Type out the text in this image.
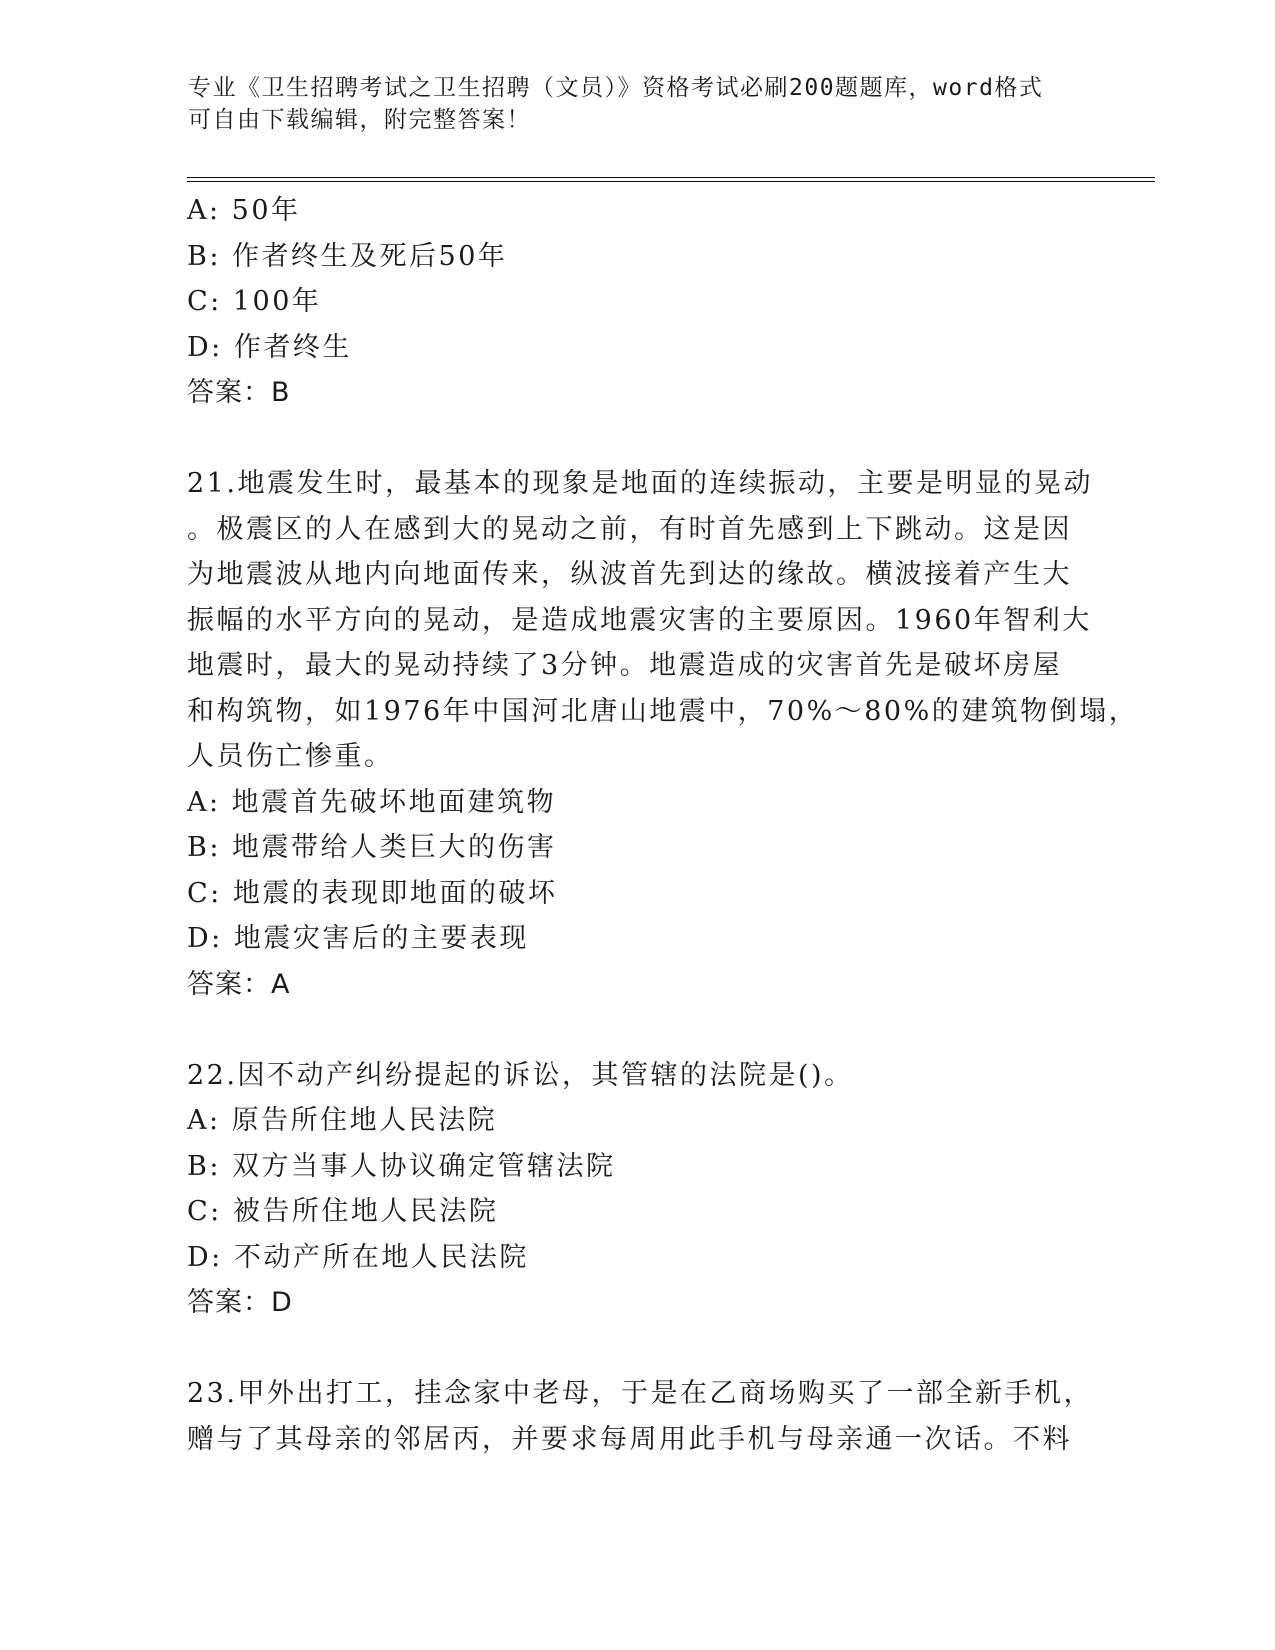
专业《卫生招聘考试之卫生招聘（文员）》资格考试必刷200题题库，word格式
可自由下载编辑，附完整答案！
A: 50年
B: 作者终生及死后50年
C: 100年
D: 作者终生
答案：B
21.地震发生时，最基本的现象是地面的连续振动，主要是明显的晃动
。极震区的人在感到大的晃动之前，有时首先感到上下跳动。这是因
为地震波从地内向地面传来，纵波首先到达的缘故。横波接着产生大
振幅的水平方向的晃动，是造成地震灾害的主要原因。1960年智利大
地震时，最大的晃动持续了3分钟。地震造成的灾害首先是破坏房屋
和构筑物，如1976年中国河北唐山地震中，70%～80%的建筑物倒塌，
人员伤亡惨重。
A: 地震首先破坏地面建筑物
B: 地震带给人类巨大的伤害
C: 地震的表现即地面的破坏
D: 地震灾害后的主要表现
答案：A
22.因不动产纠纷提起的诉讼，其管辖的法院是()。
A: 原告所住地人民法院
B: 双方当事人协议确定管辖法院
C: 被告所住地人民法院
D: 不动产所在地人民法院
答案：D
23.甲外出打工，挂念家中老母，于是在乙商场购买了一部全新手机，
赠与了其母亲的邻居丙，并要求每周用此手机与母亲通一次话。不料
